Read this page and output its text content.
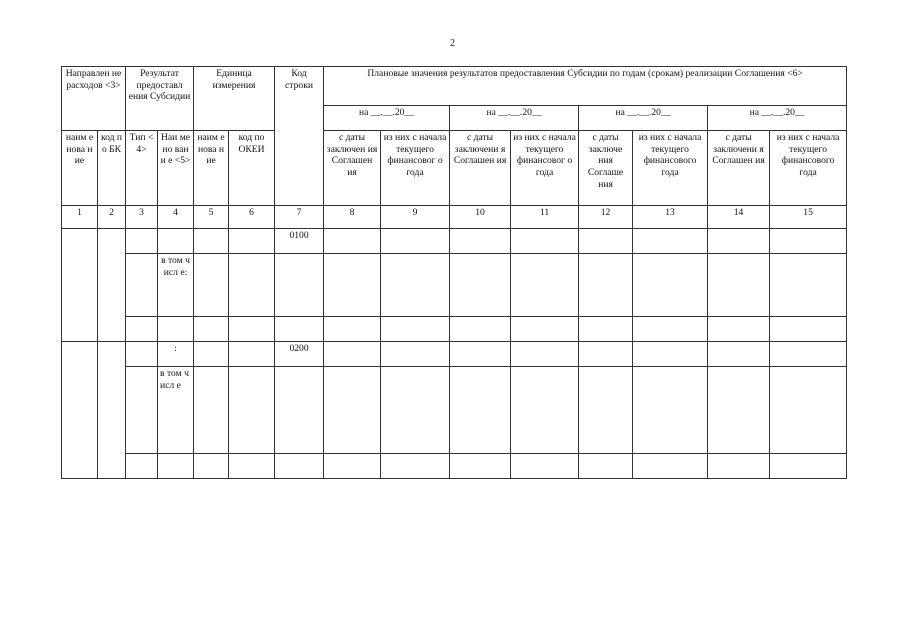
2
Направлен не расходов <3>		Результат предоставл ения Субсидии		Единица измерения		Код строки	Плановые значения результатов предоставления Субсидии по годам (срокам) реализации Соглашения <6>							
							на __.__.20__		на __.__.20__		на __.__.20__		на __.__.20__	

наим енова ние	код по БК	Тип <4>	Наи мено вани е <5>	наим енова ние	код по ОКЕИ		с даты заключен ия Соглашен ия	из них с начала текущего финансовог о года	с даты заключени я Соглашен ия	из них с начала текущего финансовог о года	с даты заключе ния Соглаше ния	из них с начала текущего финансового года	с даты заключени я Соглашен ия	из них с начала текущего финансового года
1	2	3	4	5	6	7	8	9	10	11	12	13	14	15
						0100								

			в том числ е:											

			:			0200								

			в том числ е											
